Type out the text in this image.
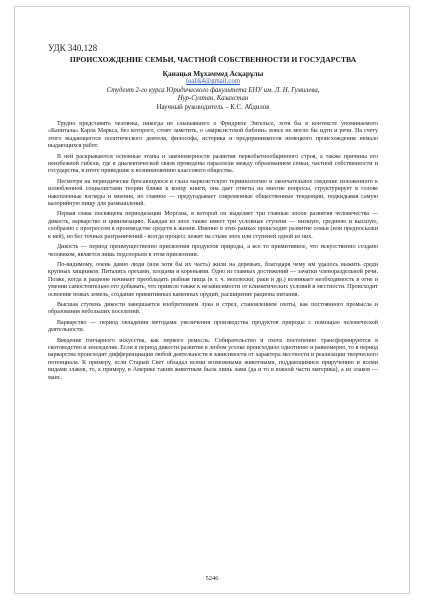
УДК 340.128
ПРОИСХОЖДЕНИЕ СЕМЬИ, ЧАСТНОЙ СОБСТВЕННОСТИ И ГОСУДАРСТВА
Қанаңья Мұхаммед Асқарұлы
toalik4@gmail.com
Студент 2-го курса Юридического факультета ЕНУ им. Л. Н. Гумилева,
Нур-Султан, Казахстан
Научный руководитель – К.С. Абдилов

Трудно представить человека, никогда не слышавшего о Фридрихе Энгельсе, хотя бы в контексте упоминаемого «Капитала» Карла Маркса, без которого, стоит заметить, о «марксистской библии» вовсе не могло бы идти и речи. На счету этого выдающегося политического деятеля, философа, историка и предпринимателя немецкого происхождения немало выдающихся работ.

В ней раскрываются основные этапы и закономерности развития первобытнообщинного строя, а также причины его неизбежной гибели, где в диалектической связи проведены параллели между образованием семьи, частной собственности и государства, в итоге приведшие к возникновению классового общества.

Несмотря на периодически бросающуюся в глаза марксистскую терминологию и окончательное сведение изложенного к излюбленной социалистами теории ближе к концу книги, она дает ответы на многие вопросы, структурирует в голове накопленные взгляды и мнения, но главное — предугадывает современные общественные тенденции, подкидывая самую калорийную пищу для размышлений.

Первая глава посвящена периодизации Моргана, в которой он выделяет три главные эпохи развития человечества — дикость, варварство и цивилизацию. Каждая из эпох также имеет три условные ступени — низшую, среднюю и высшую, сообразно с прогрессом в производстве средств к жизни. Именно в этих рамках происходит развитие семьи (или предпосылки к ней), но без точных разграничений - всегда процесс лежит на стыке эпох или ступеней одной из них.

Дикость — период преимущественно присвоения продуктов природы, а все то примитивное, что искусственно создано человеком, является лишь подспорьем в этом присвоении.

По-видимому, очень давно люди (или хотя бы их часть) жили на деревьях, благодаря чему им удалось выжить среди крупных хищников. Питались орехами, плодами и кореньями. Одно из главных достижений — зачатки членораздельной речи. Позже, когда в рационе начинает преобладать рыбная пища (в т. ч. моллюски, раки и др.) возникает необходимость в огне и умении самостоятельно его добывать, что привело также к независимости от климатических условий и местности. Происходит освоение новых земель, создание примитивных каменных орудий, расширение рациона питания.

Высшая ступень дикости завершается изобретением лука и стрел, становлением охоты, как постоянного промысла и образования небольших поселений.

Варварство — период овладения методами увеличения производства продуктов природы с помощью человеческой деятельности.

Введение гончарного искусства, как первого ремесла. Собирательство и охота постепенно трансформируются в скотоводство и земледелие. Если в период дикости развитие в любом уголке происходило однотипно и равномерно, то в период варварства происходит дифференциация любой деятельности в зависимости от характера местности и реализации творческого потенциала. К примеру, если Старый Свет обладал всеми возможными животными, поддающимися приручению и всеми видами злаков, то, к примеру, в Америке таким животным была лишь лама (да и то в южной части материка), а из злаков — маис.

5246
